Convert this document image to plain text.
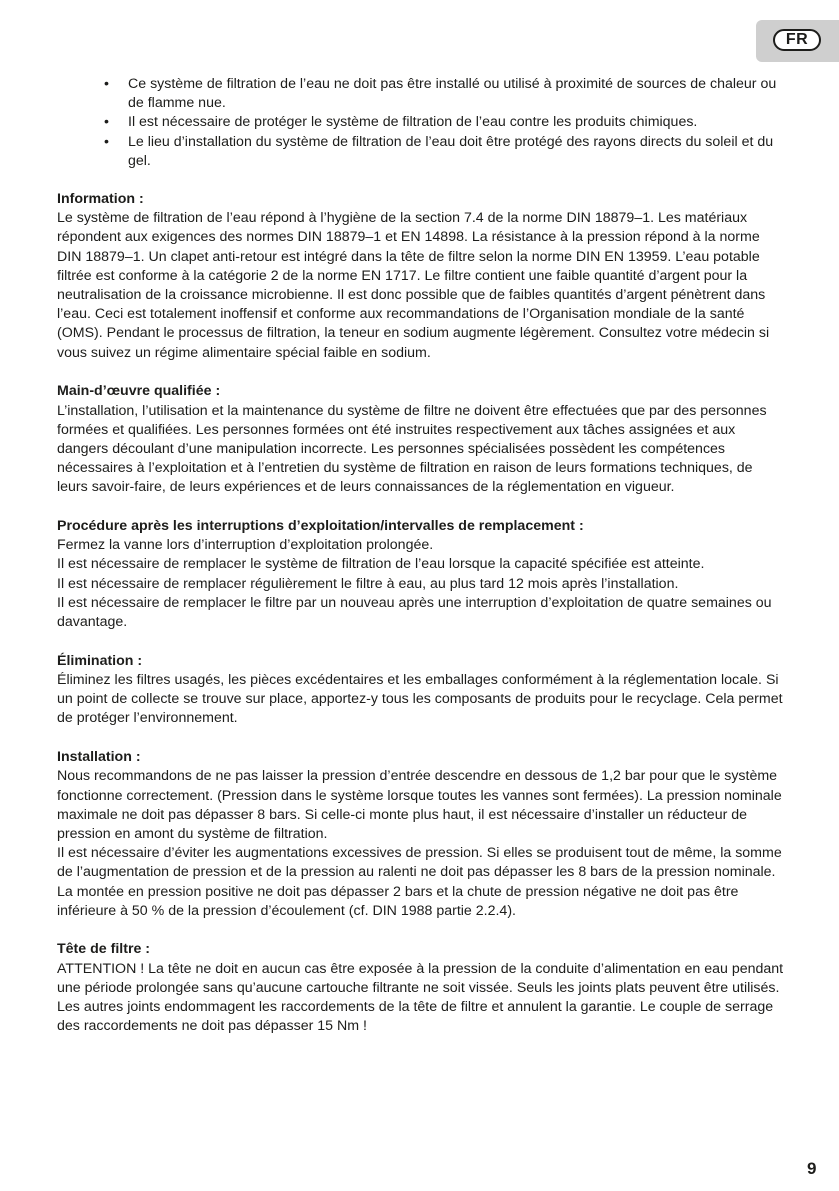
FR
• Ce système de filtration de l’eau ne doit pas être installé ou utilisé à proximité de sources de chaleur ou de flamme nue.
• Il est nécessaire de protéger le système de filtration de l’eau contre les produits chimiques.
• Le lieu d’installation du système de filtration de l’eau doit être protégé des rayons directs du soleil et du gel.
Information :

Le système de filtration de l’eau répond à l’hygiène de la section 7.4 de la norme DIN 18879–1. Les matériaux répondent aux exigences des normes DIN 18879–1 et EN 14898. La résistance à la pression répond à la norme DIN 18879–1. Un clapet anti-retour est intégré dans la tête de filtre selon la norme DIN EN 13959. L’eau potable filtrée est conforme à la catégorie 2 de la norme EN 1717. Le filtre contient une faible quantité d’argent pour la neutralisation de la croissance microbienne. Il est donc possible que de faibles quantités d’argent pénètrent dans l’eau. Ceci est totalement inoffensif et conforme aux recommandations de l’Organisation mondiale de la santé (OMS). Pendant le processus de filtration, la teneur en sodium augmente légèrement. Consultez votre médecin si vous suivez un régime alimentaire spécial faible en sodium.

Main-d’œuvre qualifiée :

L’installation, l’utilisation et la maintenance du système de filtre ne doivent être effectuées que par des personnes formées et qualifiées. Les personnes formées ont été instruites respectivement aux tâches assignées et aux dangers découlant d’une manipulation incorrecte. Les personnes spécialisées possèdent les compétences nécessaires à l’exploitation et à l’entretien du système de filtration en raison de leurs formations techniques, de leurs savoir-faire, de leurs expériences et de leurs connaissances de la réglementation en vigueur.

Procédure après les interruptions d’exploitation/intervalles de remplacement :

Fermez la vanne lors d’interruption d’exploitation prolongée.

Il est nécessaire de remplacer le système de filtration de l’eau lorsque la capacité spécifiée est atteinte.

Il est nécessaire de remplacer régulièrement le filtre à eau, au plus tard 12 mois après l’installation.

Il est nécessaire de remplacer le filtre par un nouveau après une interruption d’exploitation de quatre semaines ou davantage.

Élimination :

Éliminez les filtres usagés, les pièces excédentaires et les emballages conformément à la réglementation locale. Si un point de collecte se trouve sur place, apportez-y tous les composants de produits pour le recyclage. Cela permet de protéger l’environnement.

Installation :

Nous recommandons de ne pas laisser la pression d’entrée descendre en dessous de 1,2 bar pour que le système fonctionne correctement. (Pression dans le système lorsque toutes les vannes sont fermées). La pression nominale maximale ne doit pas dépasser 8 bars. Si celle-ci monte plus haut, il est nécessaire d’installer un réducteur de pression en amont du système de filtration.

Il est nécessaire d’éviter les augmentations excessives de pression. Si elles se produisent tout de même, la somme de l’augmentation de pression et de la pression au ralenti ne doit pas dépasser les 8 bars de la pression nominale.

La montée en pression positive ne doit pas dépasser 2 bars et la chute de pression négative ne doit pas être inférieure à 50 % de la pression d’écoulement (cf. DIN 1988 partie 2.2.4).

Tête de filtre :

ATTENTION ! La tête ne doit en aucun cas être exposée à la pression de la conduite d’alimentation en eau pendant une période prolongée sans qu’aucune cartouche filtrante ne soit vissée. Seuls les joints plats peuvent être utilisés. Les autres joints endommagent les raccordements de la tête de filtre et annulent la garantie. Le couple de serrage des raccordements ne doit pas dépasser 15 Nm !

9
